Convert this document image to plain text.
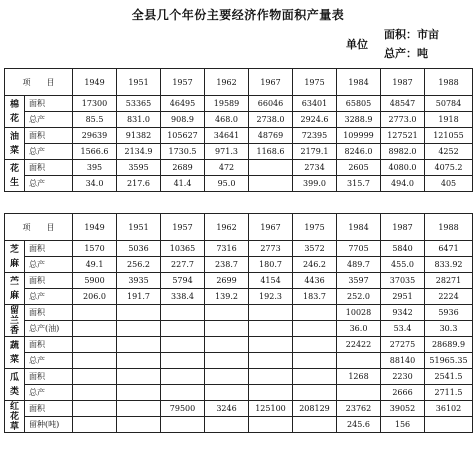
全县几个年份主要经济作物面积产量表
单位
面积：市亩
总产：吨
项　　目		1949	1951	1957	1962	1967	1975	1984	1987	1988

棉
花	面积	17300	53365	46495	19589	66046	63401	65805	48547	50784
	总产	85.5	831.0	908.9	468.0	2738.0	2924.6	3288.9	2773.0	1918

油
菜	面积	29639	91382	105627	34641	48769	72395	109999	127521	121055
	总产	1566.6	2134.9	1730.5	971.3	1168.6	2179.1	8246.0	8982.0	4252

花
生	面积	395	3595	2689	472		2734	2605	4080.0	4075.2
	总产	34.0	217.6	41.4	95.0		399.0	315.7	494.0	405
项　　目		1949	1951	1957	1962	1967	1975	1984	1987	1988

芝
麻	面积	1570	5036	10365	7316	2773	3572	7705	5840	6471
	总产	49.1	256.2	227.7	238.7	180.7	246.2	489.7	455.0	833.92

苎
麻	面积	5900	3935	5794	2699	4154	4436	3597	37035	28271
	总产	206.0	191.7	338.4	139.2	192.3	183.7	252.0	2951	2224

留
兰
香	面积							10028	9342	5936
	总产(油)							36.0	53.4	30.3

蔬
菜	面积							22422	27275	28689.9
	总产								88140	51965.35

瓜
类	面积							1268	2230	2541.5
	总产								2666	2711.5

红
花
草	面积			79500	3246	125100	208129	23762	39052	36102
	留种(吨)							245.6	156	
